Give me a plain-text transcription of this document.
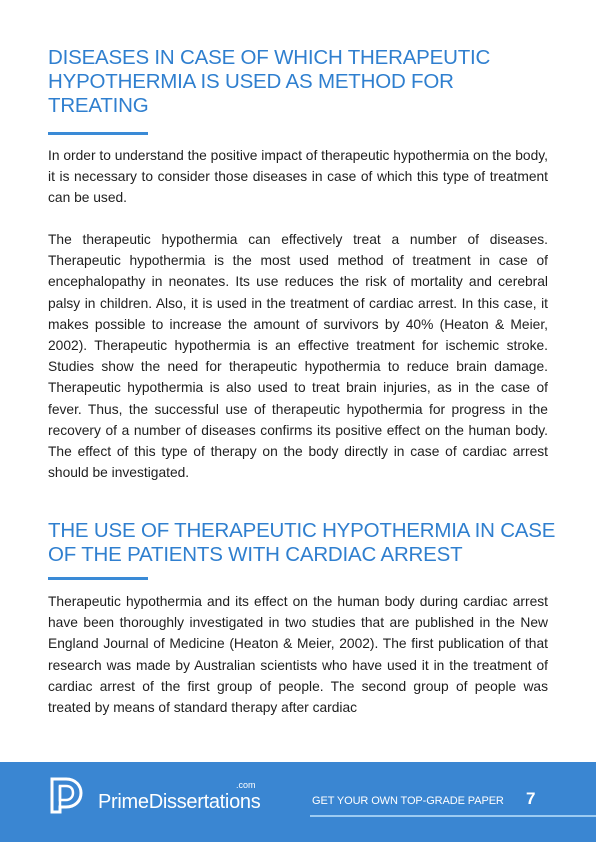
DISEASES IN CASE OF WHICH THERAPEUTIC
HYPOTHERMIA IS USED AS METHOD FOR
TREATING

In order to understand the positive impact of therapeutic hypothermia on the body, it is necessary to consider those diseases in case of which this type of treatment can be used.

The therapeutic hypothermia can effectively treat a number of diseases. Therapeutic hypothermia is the most used method of treatment in case of encephalopathy in neonates. Its use reduces the risk of mortality and cerebral palsy in children. Also, it is used in the treatment of cardiac arrest. In this case, it makes possible to increase the amount of survivors by 40% (Heaton & Meier, 2002). Therapeutic hypothermia is an effective treatment for ischemic stroke. Studies show the need for therapeutic hypothermia to reduce brain damage. Therapeutic hypothermia is also used to treat brain injuries, as in the case of fever. Thus, the successful use of therapeutic hypothermia for progress in the recovery of a number of diseases confirms its positive effect on the human body. The effect of this type of therapy on the body directly in case of cardiac arrest should be investigated.

THE USE OF THERAPEUTIC HYPOTHERMIA IN CASE
OF THE PATIENTS WITH CARDIAC ARREST

Therapeutic hypothermia and its effect on the human body during cardiac arrest have been thoroughly investigated in two studies that are published in the New England Journal of Medicine (Heaton & Meier, 2002). The first publication of that research was made by Australian scientists who have used it in the treatment of cardiac arrest of the first group of people. The second group of people was treated by means of standard therapy after cardiac

.com
PrimeDissertations	GET YOUR OWN TOP-GRADE PAPER 7
